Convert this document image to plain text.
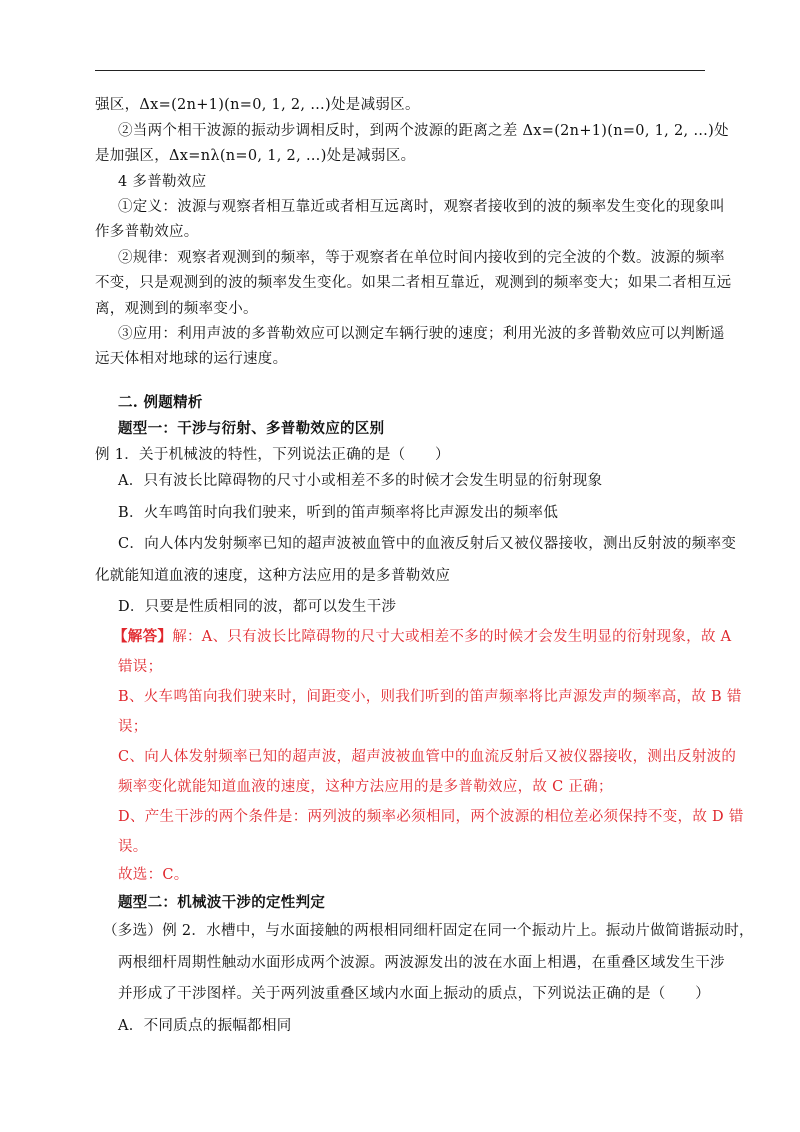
强区，Δx=(2n+1)(n=0, 1, 2, …)处是减弱区。
②当两个相干波源的振动步调相反时，到两个波源的距离之差 Δx=(2n+1)(n=0, 1, 2, …)处
是加强区，Δx=nλ(n=0, 1, 2, …)处是减弱区。
4 多普勒效应
①定义：波源与观察者相互靠近或者相互远离时，观察者接收到的波的频率发生变化的现象叫
作多普勒效应。
②规律：观察者观测到的频率，等于观察者在单位时间内接收到的完全波的个数。波源的频率
不变，只是观测到的波的频率发生变化。如果二者相互靠近，观测到的频率变大；如果二者相互远
离，观测到的频率变小。
③应用：利用声波的多普勒效应可以测定车辆行驶的速度；利用光波的多普勒效应可以判断遥
远天体相对地球的运行速度。
二. 例题精析
题型一：干涉与衍射、多普勒效应的区别
例 1．关于机械波的特性，下列说法正确的是（　　）
A．只有波长比障碍物的尺寸小或相差不多的时候才会发生明显的衍射现象
B．火车鸣笛时向我们驶来，听到的笛声频率将比声源发出的频率低
C．向人体内发射频率已知的超声波被血管中的血液反射后又被仪器接收，测出反射波的频率变
化就能知道血液的速度，这种方法应用的是多普勒效应
D．只要是性质相同的波，都可以发生干涉
【解答】解：A、只有波长比障碍物的尺寸大或相差不多的时候才会发生明显的衍射现象，故 A
错误；
B、火车鸣笛向我们驶来时，间距变小，则我们听到的笛声频率将比声源发声的频率高，故 B 错
误；
C、向人体发射频率已知的超声波，超声波被血管中的血流反射后又被仪器接收，测出反射波的
频率变化就能知道血液的速度，这种方法应用的是多普勒效应，故 C 正确；
D、产生干涉的两个条件是：两列波的频率必须相同，两个波源的相位差必须保持不变，故 D 错
误。
故选：C。
题型二：机械波干涉的定性判定
（多选）例 2．水槽中，与水面接触的两根相同细杆固定在同一个振动片上。振动片做简谐振动时，
两根细杆周期性触动水面形成两个波源。两波源发出的波在水面上相遇，在重叠区域发生干涉
并形成了干涉图样。关于两列波重叠区域内水面上振动的质点，下列说法正确的是（　　）
A．不同质点的振幅都相同
